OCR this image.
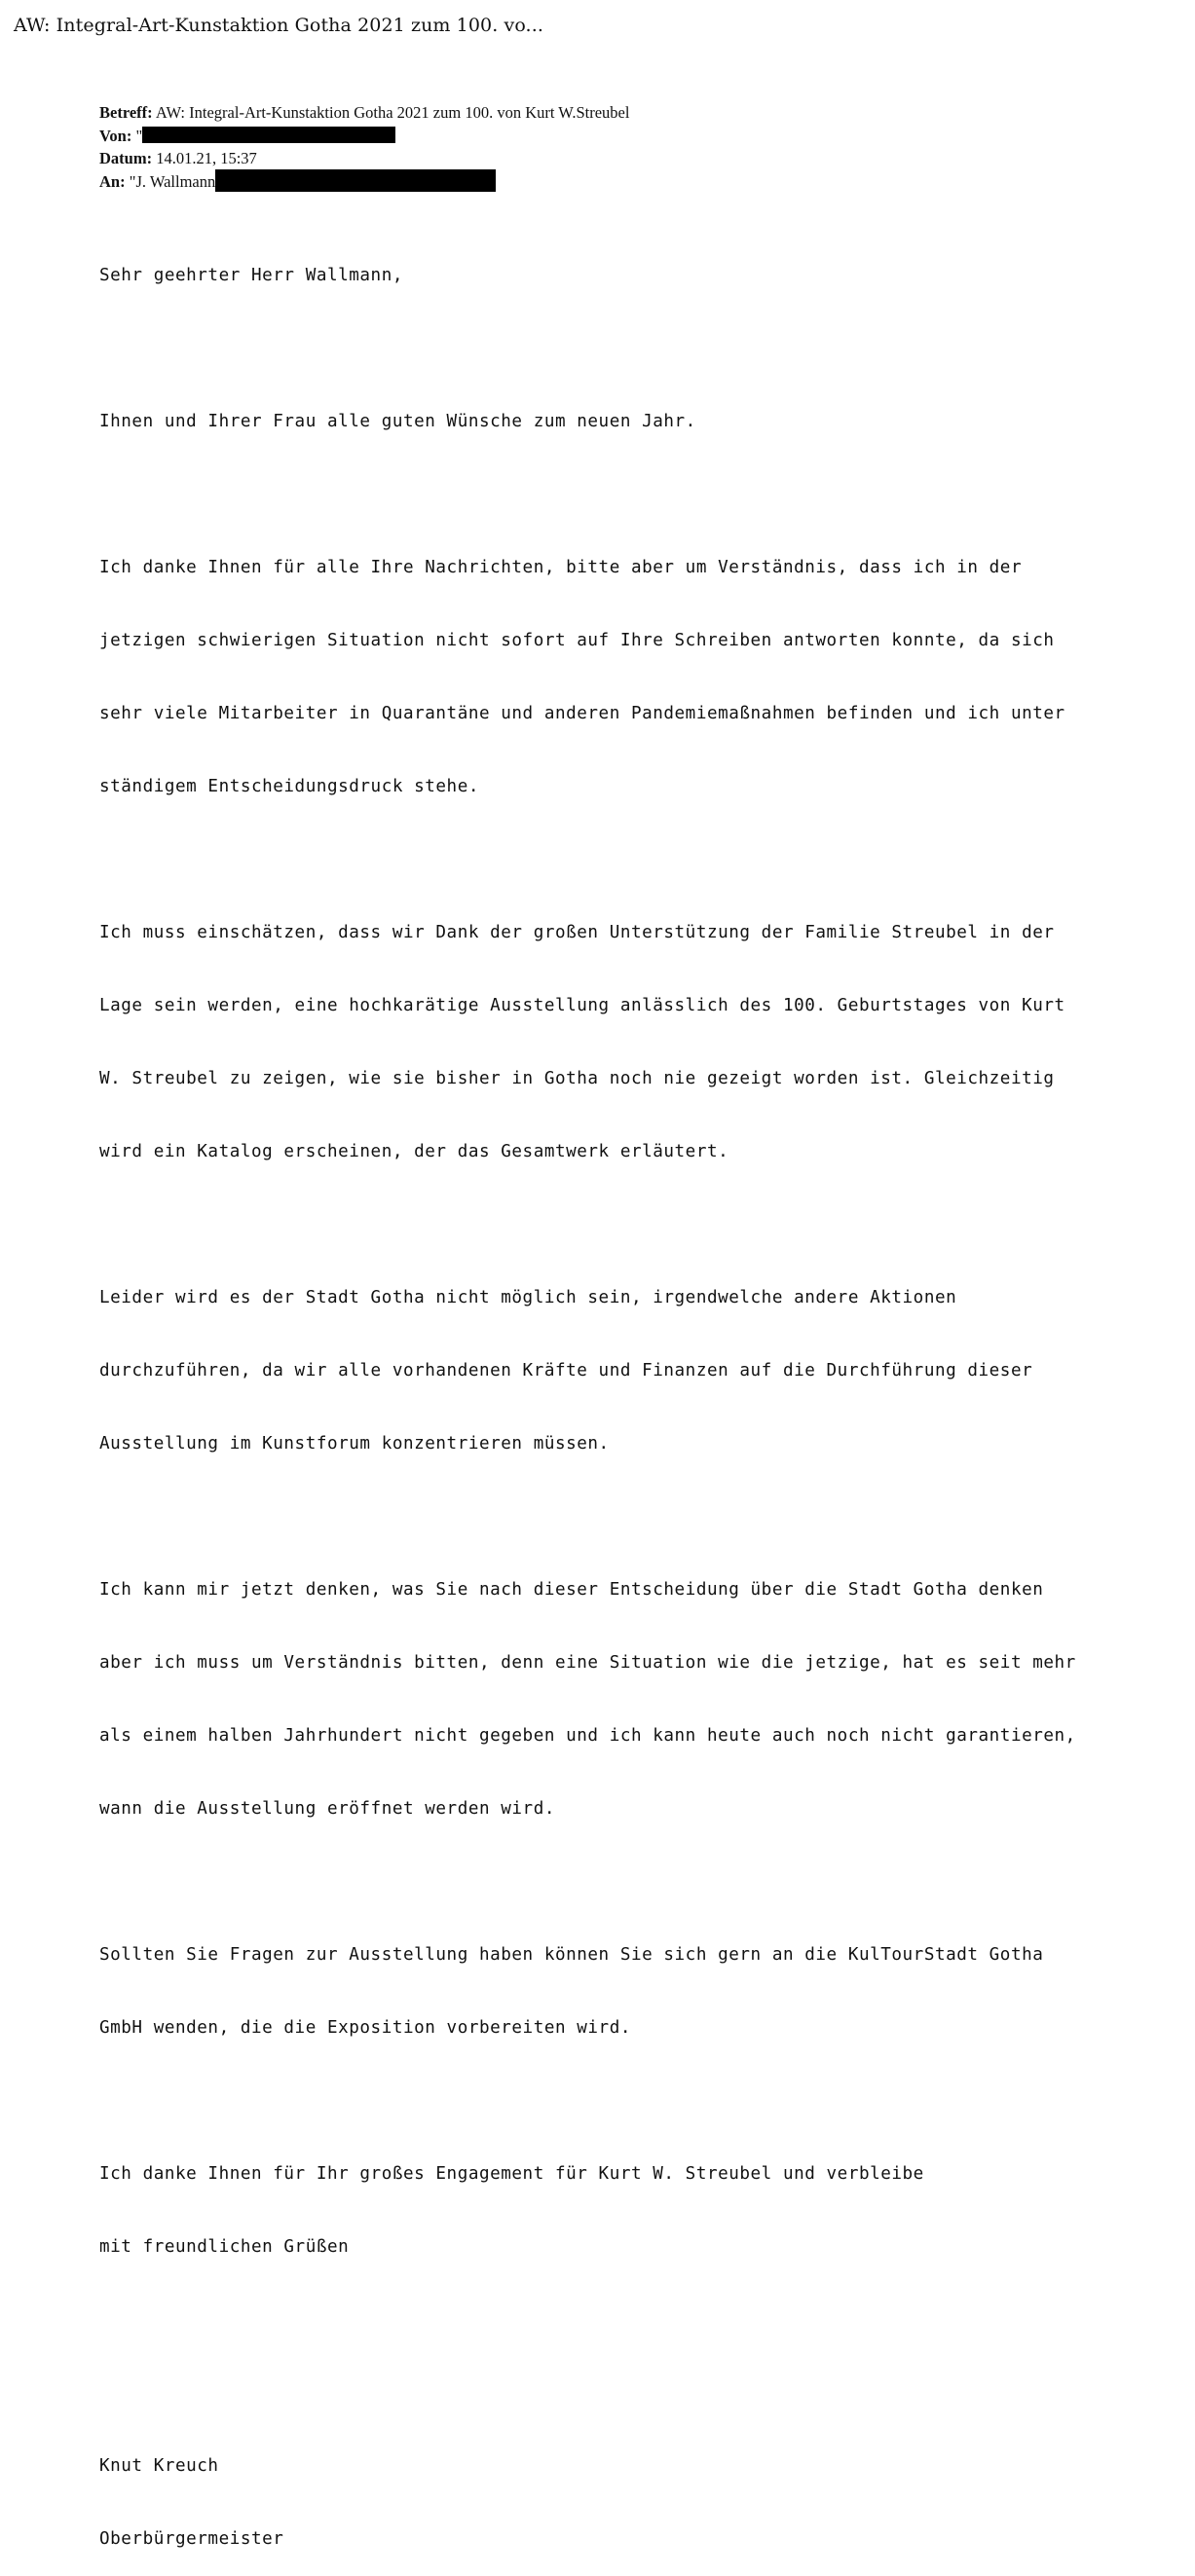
AW: Integral-Art-Kunstaktion Gotha 2021 zum 100. vo...
Betreff: AW: Integral-Art-Kunstaktion Gotha 2021 zum 100. von Kurt W.Streubel
Von: "
Datum: 14.01.21, 15:37
An: "J. Wallmann

Sehr geehrter Herr Wallmann,

Ihnen und Ihrer Frau alle guten Wünsche zum neuen Jahr.

Ich danke Ihnen für alle Ihre Nachrichten, bitte aber um Verständnis, dass ich in der

jetzigen schwierigen Situation nicht sofort auf Ihre Schreiben antworten konnte, da sich

sehr viele Mitarbeiter in Quarantäne und anderen Pandemiemaßnahmen befinden und ich unter

ständigem Entscheidungsdruck stehe.

Ich muss einschätzen, dass wir Dank der großen Unterstützung der Familie Streubel in der

Lage sein werden, eine hochkarätige Ausstellung anlässlich des 100. Geburtstages von Kurt

W. Streubel zu zeigen, wie sie bisher in Gotha noch nie gezeigt worden ist. Gleichzeitig

wird ein Katalog erscheinen, der das Gesamtwerk erläutert.

Leider wird es der Stadt Gotha nicht möglich sein, irgendwelche andere Aktionen

durchzuführen, da wir alle vorhandenen Kräfte und Finanzen auf die Durchführung dieser

Ausstellung im Kunstforum konzentrieren müssen.

Ich kann mir jetzt denken, was Sie nach dieser Entscheidung über die Stadt Gotha denken

aber ich muss um Verständnis bitten, denn eine Situation wie die jetzige, hat es seit mehr

als einem halben Jahrhundert nicht gegeben und ich kann heute auch noch nicht garantieren,

wann die Ausstellung eröffnet werden wird.

Sollten Sie Fragen zur Ausstellung haben können Sie sich gern an die KulTourStadt Gotha

GmbH wenden, die die Exposition vorbereiten wird.

Ich danke Ihnen für Ihr großes Engagement für Kurt W. Streubel und verbleibe

mit freundlichen Grüßen

Knut Kreuch

Oberbürgermeister
